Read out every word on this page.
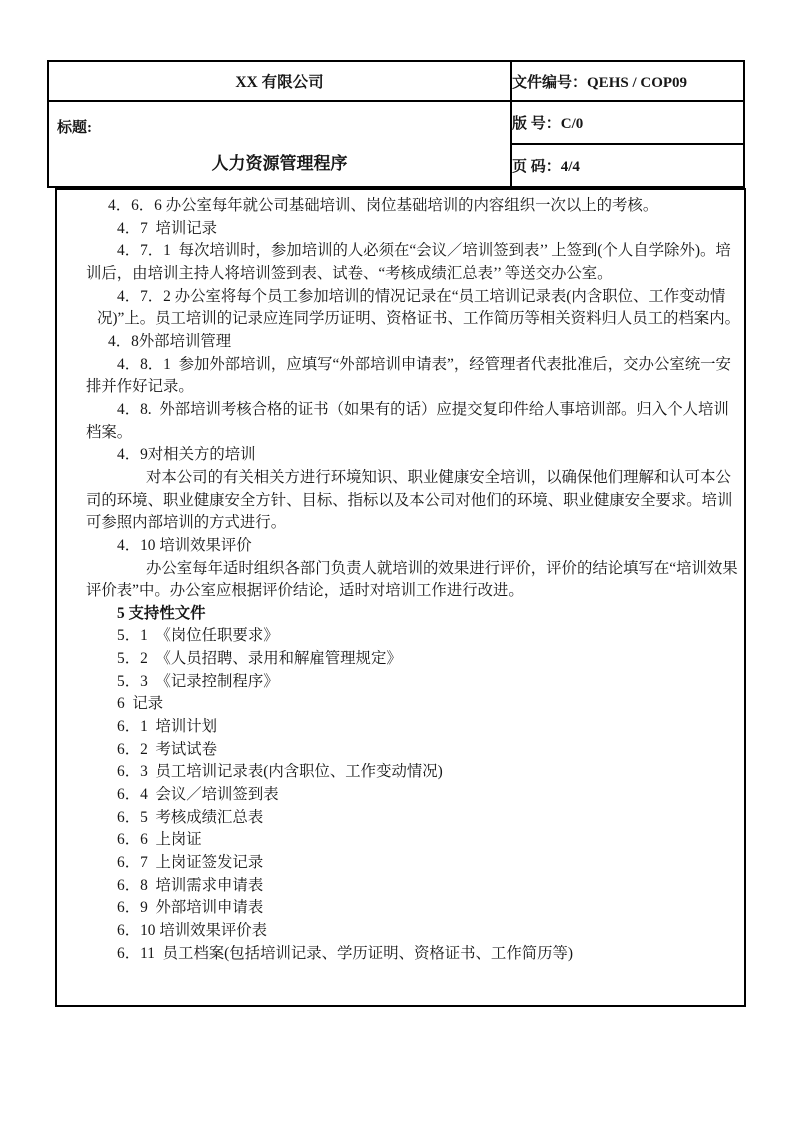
XX 有限公司	文件编号：QEHS / COP09

标题:

人力资源管理程序	版 号：C/0
	页 码：4/4

4．6．6 办公室每年就公司基础培训、岗位基础培训的内容组织一次以上的考核。

4．7  培训记录

4．7．1  每次培训时，参加培训的人必须在“会议／培训签到表’’ 上签到(个人自学除外)。培训后，由培训主持人将培训签到表、试卷、“考核成绩汇总表’’ 等送交办公室。

4．7．2 办公室将每个员工参加培训的情况记录在“员工培训记录表(内含职位、工作变动情况)”上。员工培训的记录应连同学历证明、资格证书、工作简历等相关资料归人员工的档案内。

4．8外部培训管理

4．8．1  参加外部培训，应填写“外部培训申请表”，经管理者代表批准后，交办公室统一安排并作好记录。

4．8.  外部培训考核合格的证书（如果有的话）应提交复印件给人事培训部。归入个人培训档案。

4．9对相关方的培训

对本公司的有关相关方进行环境知识、职业健康安全培训，以确保他们理解和认可本公司的环境、职业健康安全方针、目标、指标以及本公司对他们的环境、职业健康安全要求。培训可参照内部培训的方式进行。

4．10 培训效果评价

办公室每年适时组织各部门负责人就培训的效果进行评价，评价的结论填写在“培训效果评价表”中。办公室应根据评价结论，适时对培训工作进行改进。

5 支持性文件

5．1  《岗位任职要求》

5．2  《人员招聘、录用和解雇管理规定》

5．3  《记录控制程序》

6  记录

6．1  培训计划

6．2  考试试卷

6．3  员工培训记录表(内含职位、工作变动情况)

6．4  会议／培训签到表

6．5  考核成绩汇总表

6．6  上岗证

6．7  上岗证签发记录

6．8  培训需求申请表

6．9  外部培训申请表

6．10 培训效果评价表

6．11  员工档案(包括培训记录、学历证明、资格证书、工作简历等)
